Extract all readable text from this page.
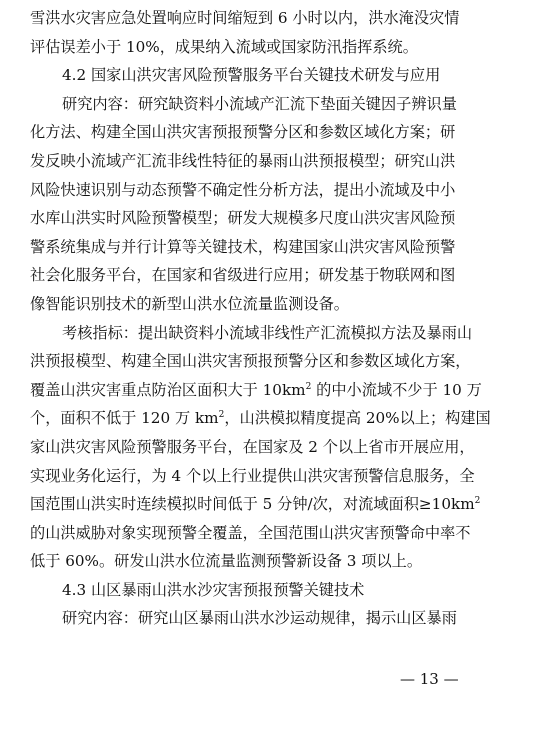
雪洪水灾害应急处置响应时间缩短到 6 小时以内，洪水淹没灾情

评估误差小于 10%，成果纳入流域或国家防汛指挥系统。

4.2 国家山洪灾害风险预警服务平台关键技术研发与应用

研究内容：研究缺资料小流域产汇流下垫面关键因子辨识量

化方法、构建全国山洪灾害预报预警分区和参数区域化方案；研

发反映小流域产汇流非线性特征的暴雨山洪预报模型；研究山洪

风险快速识别与动态预警不确定性分析方法，提出小流域及中小

水库山洪实时风险预警模型；研发大规模多尺度山洪灾害风险预

警系统集成与并行计算等关键技术，构建国家山洪灾害风险预警

社会化服务平台，在国家和省级进行应用；研发基于物联网和图

像智能识别技术的新型山洪水位流量监测设备。

考核指标：提出缺资料小流域非线性产汇流模拟方法及暴雨山

洪预报模型、构建全国山洪灾害预报预警分区和参数区域化方案，

覆盖山洪灾害重点防治区面积大于 $10km^2$ 的中小流域不少于 10 万

个，面积不低于 120 万 $km^2$，山洪模拟精度提高 20%以上；构建国

家山洪灾害风险预警服务平台，在国家及 2 个以上省市开展应用，

实现业务化运行，为 4 个以上行业提供山洪灾害预警信息服务，全

国范围山洪实时连续模拟时间低于 5 分钟/次，对流域面积$\ge 10km^2$

的山洪威胁对象实现预警全覆盖，全国范围山洪灾害预警命中率不

低于 60%。研发山洪水位流量监测预警新设备 3 项以上。

4.3 山区暴雨山洪水沙灾害预报预警关键技术

研究内容：研究山区暴雨山洪水沙运动规律，揭示山区暴雨

— 13 —
